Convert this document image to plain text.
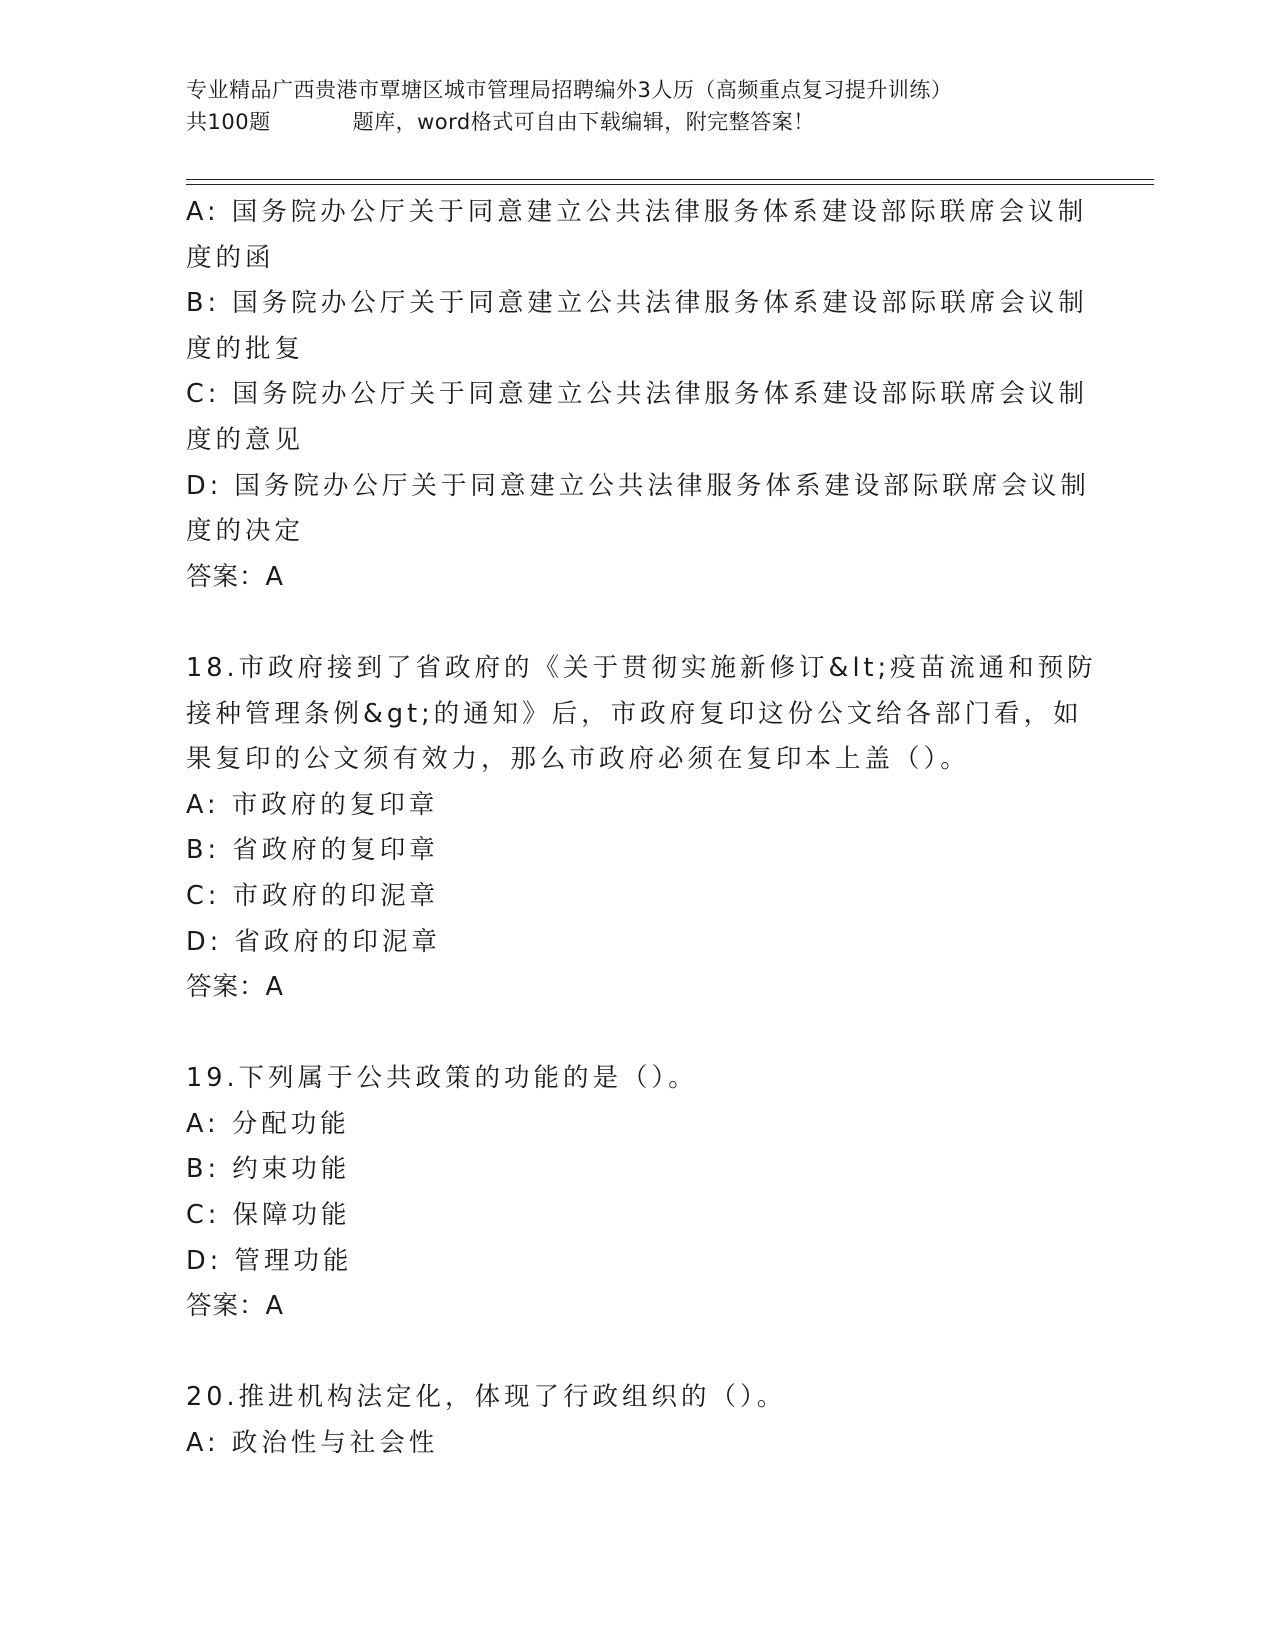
专业精品广西贵港市覃塘区城市管理局招聘编外3人历（高频重点复习提升训练）
共100题	题库，word格式可自由下载编辑，附完整答案！
A: 国务院办公厅关于同意建立公共法律服务体系建设部际联席会议制
度的函
B: 国务院办公厅关于同意建立公共法律服务体系建设部际联席会议制
度的批复
C: 国务院办公厅关于同意建立公共法律服务体系建设部际联席会议制
度的意见
D: 国务院办公厅关于同意建立公共法律服务体系建设部际联席会议制
度的决定
答案：A
18.市政府接到了省政府的《关于贯彻实施新修订&lt;疫苗流通和预防
接种管理条例&gt;的通知》后，市政府复印这份公文给各部门看，如
果复印的公文须有效力，那么市政府必须在复印本上盖（）。
A: 市政府的复印章
B: 省政府的复印章
C: 市政府的印泥章
D: 省政府的印泥章
答案：A
19.下列属于公共政策的功能的是（）。
A: 分配功能
B: 约束功能
C: 保障功能
D: 管理功能
答案：A
20.推进机构法定化，体现了行政组织的（）。
A: 政治性与社会性
